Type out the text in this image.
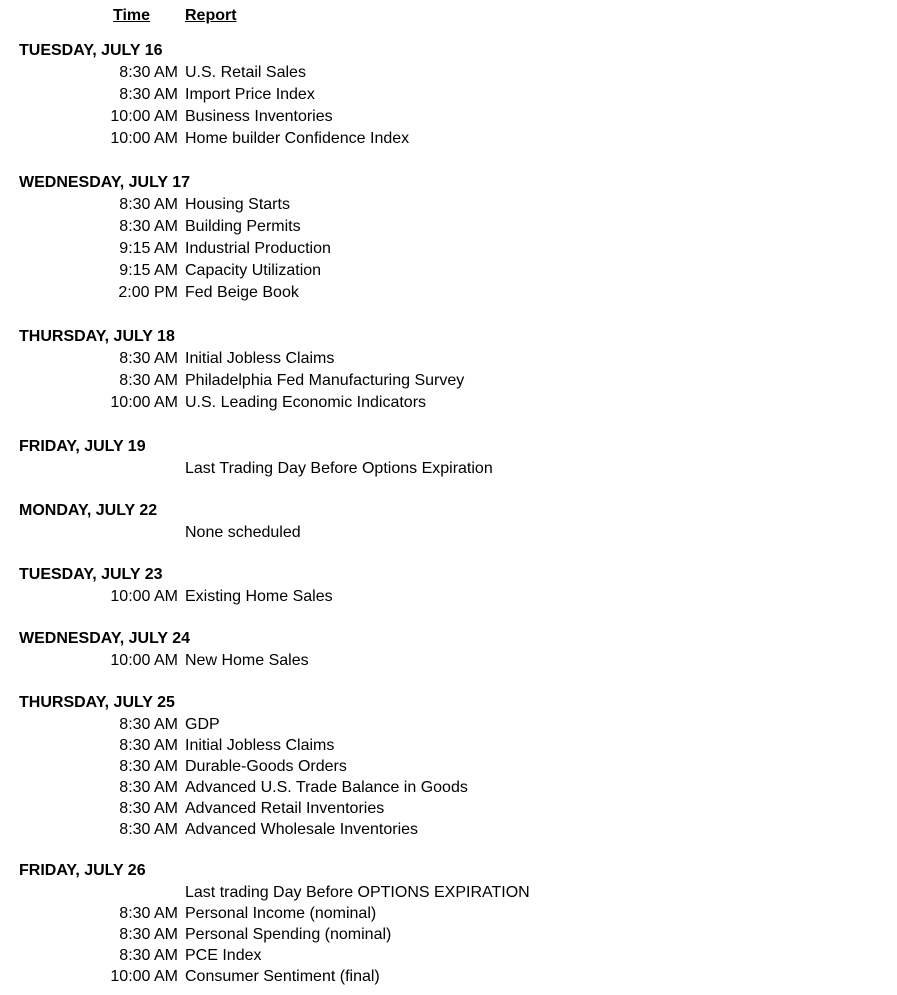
Time	Report
TUESDAY, JULY 16
8:30 AM U.S. Retail Sales
8:30 AM Import Price Index
10:00 AM Business Inventories
10:00 AM Home builder Confidence Index
WEDNESDAY, JULY 17
8:30 AM Housing Starts
8:30 AM Building Permits
9:15 AM Industrial Production
9:15 AM Capacity Utilization
2:00 PM Fed Beige Book
THURSDAY, JULY 18
8:30 AM Initial Jobless Claims
8:30 AM Philadelphia Fed Manufacturing Survey
10:00 AM U.S. Leading Economic Indicators
FRIDAY, JULY 19
Last Trading Day Before Options Expiration
MONDAY, JULY 22
None scheduled
TUESDAY, JULY 23
10:00 AM Existing Home Sales
WEDNESDAY, JULY 24
10:00 AM New Home Sales
THURSDAY, JULY 25
8:30 AM GDP
8:30 AM Initial Jobless Claims
8:30 AM Durable-Goods Orders
8:30 AM Advanced U.S. Trade Balance in Goods
8:30 AM Advanced Retail Inventories
8:30 AM Advanced Wholesale Inventories
FRIDAY, JULY 26
Last trading Day Before OPTIONS EXPIRATION
8:30 AM Personal Income (nominal)
8:30 AM Personal Spending (nominal)
8:30 AM PCE Index
10:00 AM Consumer Sentiment (final)
